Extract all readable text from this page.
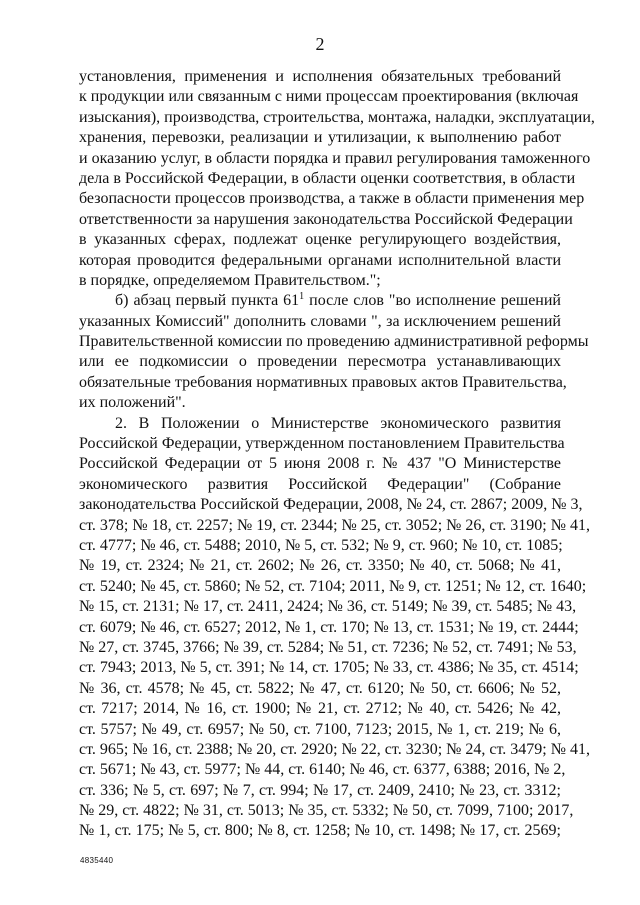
2
установления, применения и исполнения обязательных требований
к продукции или связанным с ними процессам проектирования (включая
изыскания), производства, строительства, монтажа, наладки, эксплуатации,
хранения, перевозки, реализации и утилизации, к выполнению работ
и оказанию услуг, в области порядка и правил регулирования таможенного
дела в Российской Федерации, в области оценки соответствия, в области
безопасности процессов производства, а также в области применения мер
ответственности за нарушения законодательства Российской Федерации
в указанных сферах, подлежат оценке регулирующего воздействия,
которая проводится федеральными органами исполнительной власти
в порядке, определяемом Правительством.";
б) абзац первый пункта $61^1$ после слов "во исполнение решений
указанных Комиссий" дополнить словами ", за исключением решений
Правительственной комиссии по проведению административной реформы
или ее подкомиссии о проведении пересмотра устанавливающих
обязательные требования нормативных правовых актов Правительства,
их положений".
2. В Положении о Министерстве экономического развития
Российской Федерации, утвержденном постановлением Правительства
Российской Федерации от 5 июня 2008 г. № 437 "О Министерстве
экономического развития Российской Федерации" (Собрание
законодательства Российской Федерации, 2008, № 24, ст. 2867; 2009, № 3,
ст. 378; № 18, ст. 2257; № 19, ст. 2344; № 25, ст. 3052; № 26, ст. 3190; № 41,
ст. 4777; № 46, ст. 5488; 2010, № 5, ст. 532; № 9, ст. 960; № 10, ст. 1085;
№ 19, ст. 2324; № 21, ст. 2602; № 26, ст. 3350; № 40, ст. 5068; № 41,
ст. 5240; № 45, ст. 5860; № 52, ст. 7104; 2011, № 9, ст. 1251; № 12, ст. 1640;
№ 15, ст. 2131; № 17, ст. 2411, 2424; № 36, ст. 5149; № 39, ст. 5485; № 43,
ст. 6079; № 46, ст. 6527; 2012, № 1, ст. 170; № 13, ст. 1531; № 19, ст. 2444;
№ 27, ст. 3745, 3766; № 39, ст. 5284; № 51, ст. 7236; № 52, ст. 7491; № 53,
ст. 7943; 2013, № 5, ст. 391; № 14, ст. 1705; № 33, ст. 4386; № 35, ст. 4514;
№ 36, ст. 4578; № 45, ст. 5822; № 47, ст. 6120; № 50, ст. 6606; № 52,
ст. 7217; 2014, № 16, ст. 1900; № 21, ст. 2712; № 40, ст. 5426; № 42,
ст. 5757; № 49, ст. 6957; № 50, ст. 7100, 7123; 2015, № 1, ст. 219; № 6,
ст. 965; № 16, ст. 2388; № 20, ст. 2920; № 22, ст. 3230; № 24, ст. 3479; № 41,
ст. 5671; № 43, ст. 5977; № 44, ст. 6140; № 46, ст. 6377, 6388; 2016, № 2,
ст. 336; № 5, ст. 697; № 7, ст. 994; № 17, ст. 2409, 2410; № 23, ст. 3312;
№ 29, ст. 4822; № 31, ст. 5013; № 35, ст. 5332; № 50, ст. 7099, 7100; 2017,
№ 1, ст. 175; № 5, ст. 800; № 8, ст. 1258; № 10, ст. 1498; № 17, ст. 2569;
4835440
